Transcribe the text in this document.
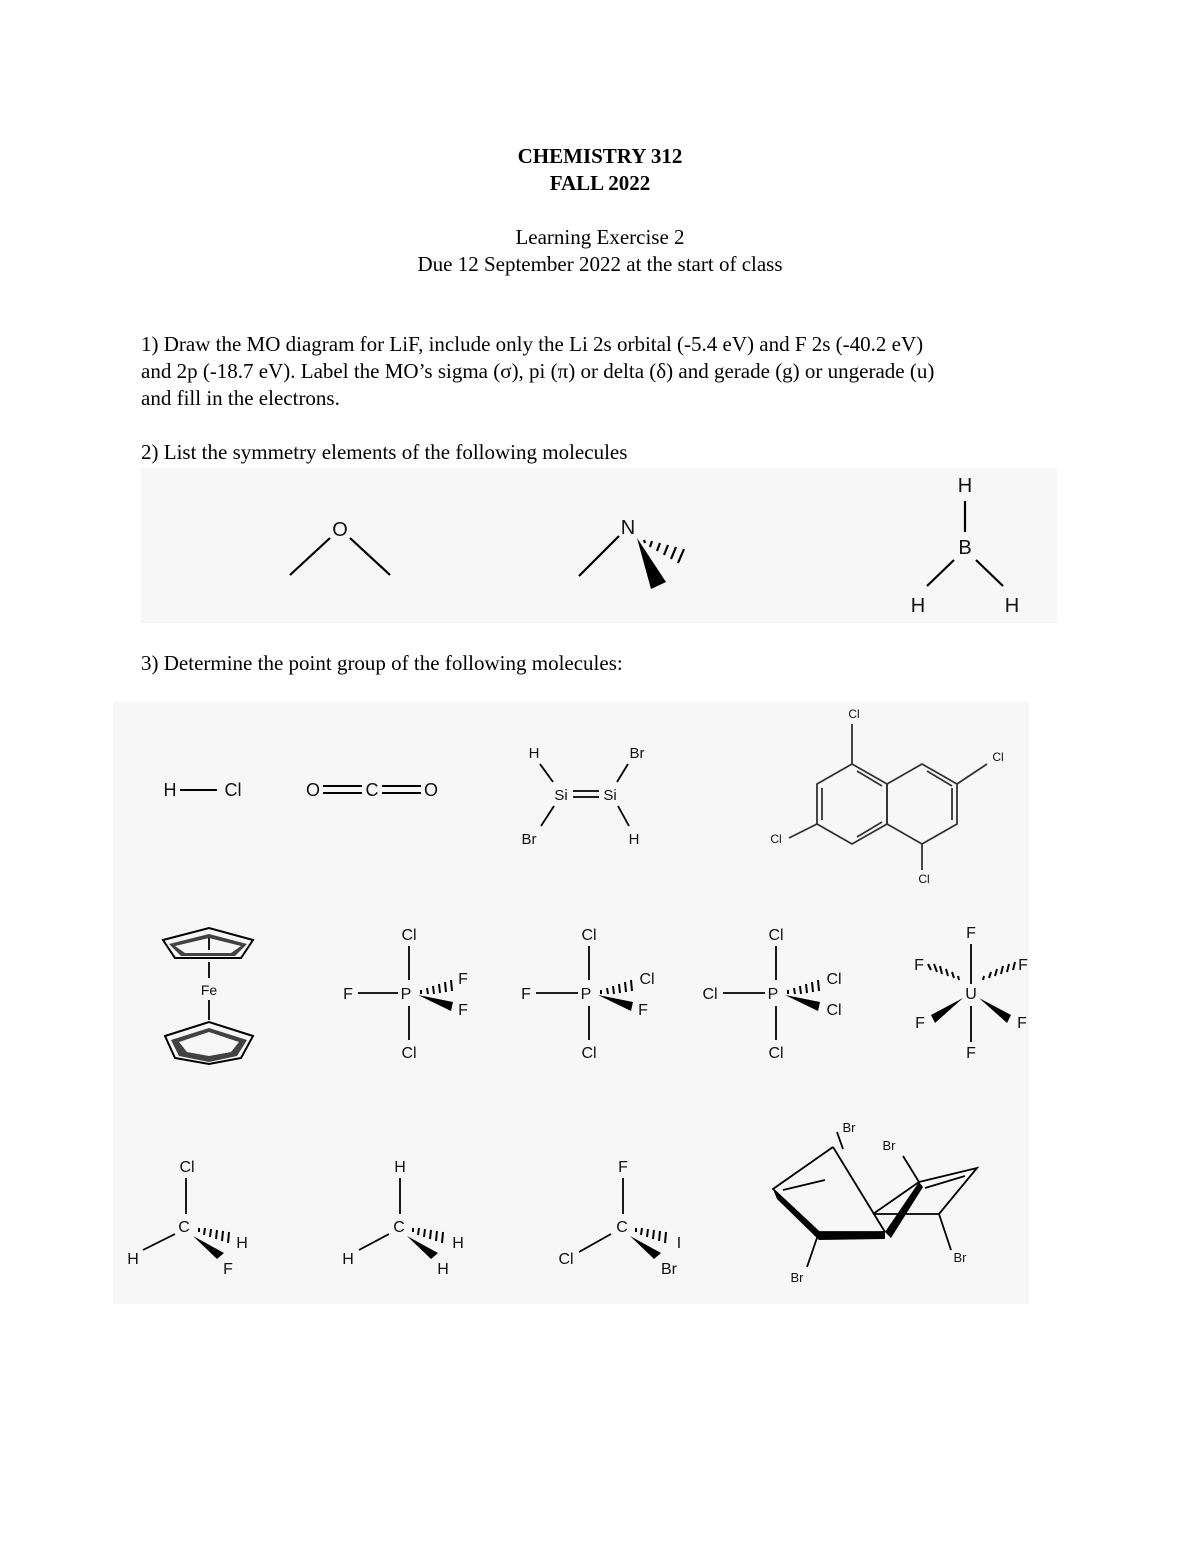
CHEMISTRY 312
FALL 2022
Learning Exercise 2
Due 12 September 2022 at the start of class
1) Draw the MO diagram for LiF, include only the Li 2s orbital (-5.4 eV) and F 2s (-40.2 eV)
and 2p (-18.7 eV). Label the MO’s sigma (σ), pi (π) or delta (δ) and gerade (g) or ungerade (u)
and fill in the electrons.
2) List the symmetry elements of the following molecules
O	N
H
B
H	H
3) Determine the point group of the following molecules:
H	Cl	O	C	O
H	Br
Si Si
Br	H
Cl
Cl
Cl
Cl
Fe
Cl
F	P
F
F
Cl
Cl
F	P
Cl
F
Cl
Cl
Cl	P
Cl
Cl
Cl
F
F	F
U
F	F
F
Cl
C
H
H
F
H
C
H
H
H
F
C
Cl
I
Br
Br
Br
Br
Br
